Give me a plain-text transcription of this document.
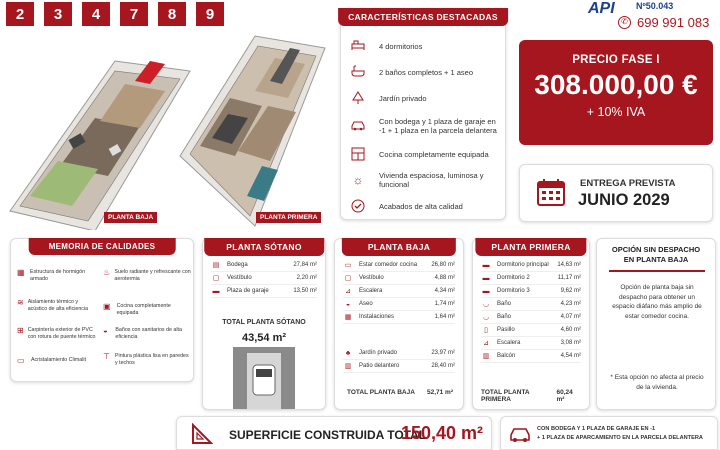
2	3	4	7	8	9
PLANTA BAJA	PLANTA PRIMERA
CARACTERÍSTICAS DESTACADAS
4 dormitorios
2 baños completos + 1 aseo
Jardín privado
Con bodega y 1 plaza de garaje en -1 + 1 plaza en la parcela delantera
Cocina completamente equipada
☼ Vivienda espaciosa, luminosa y funcional
Acabados de alta calidad
API Nº50.043
✆ 699 991 083
PRECIO FASE I
308.000,00 €
+ 10% IVA
ENTREGA PREVISTA
JUNIO 2029
MEMORIA DE CALIDADES
▦ Estructura de hormigón armado
♨ Suelo radiante y refrescante con aerotermia
≋ Aislamiento térmico y acústico de alta eficiencia	▣	Cocina completamente equipada
⊞ Carpintería exterior de PVC con rotura de puente térmico
◒	Baños con sanitarios de alta eficiencia
▭	Acristalamiento Climalit ⊤ Pintura plástica lisa en paredes y techos
PLANTA SÓTANO
▤ Bodega	27,84 m²
▢ Vestíbulo	2,20 m²
▬ Plaza de garaje	13,50 m²
TOTAL PLANTA SÓTANO
43,54 m²
PLANTA BAJA
▭ Estar comedor cocina	26,80 m²
▢ Vestíbulo	4,88 m²
⊿	Escalera	4,34 m²
◒	Aseo	1,74 m²
▦ Instalaciones	1,64 m²
♣	Jardín privado	23,97 m²
▥ Patio delantero	28,40 m²
TOTAL PLANTA BAJA 52,71 m²
PLANTA PRIMERA
▬ Dormitorio principal	14,63 m²
▬ Dormitorio 2	11,17 m²
▬ Dormitorio 3	9,62 m²
◡	Baño	4,23 m²
◡	Baño	4,07 m²
▯	Pasillo	4,60 m²
⊿	Escalera	3,08 m²
▥ Balcón	4,54 m²
TOTAL PLANTA PRIMERA
60,24 m²
OPCIÓN SIN DESPACHO
EN PLANTA BAJA
Opción de planta baja sin despacho para obtener un espacio diáfano más amplio de estar comedor cocina.
* Esta opción no afecta al precio de la vivienda.
SUPERFICIE CONSTRUIDA TOTAL
150,40 m²	CON BODEGA Y 1 PLAZA DE GARAJE EN -1
+ 1 PLAZA DE APARCAMIENTO EN LA PARCELA DELANTERA
